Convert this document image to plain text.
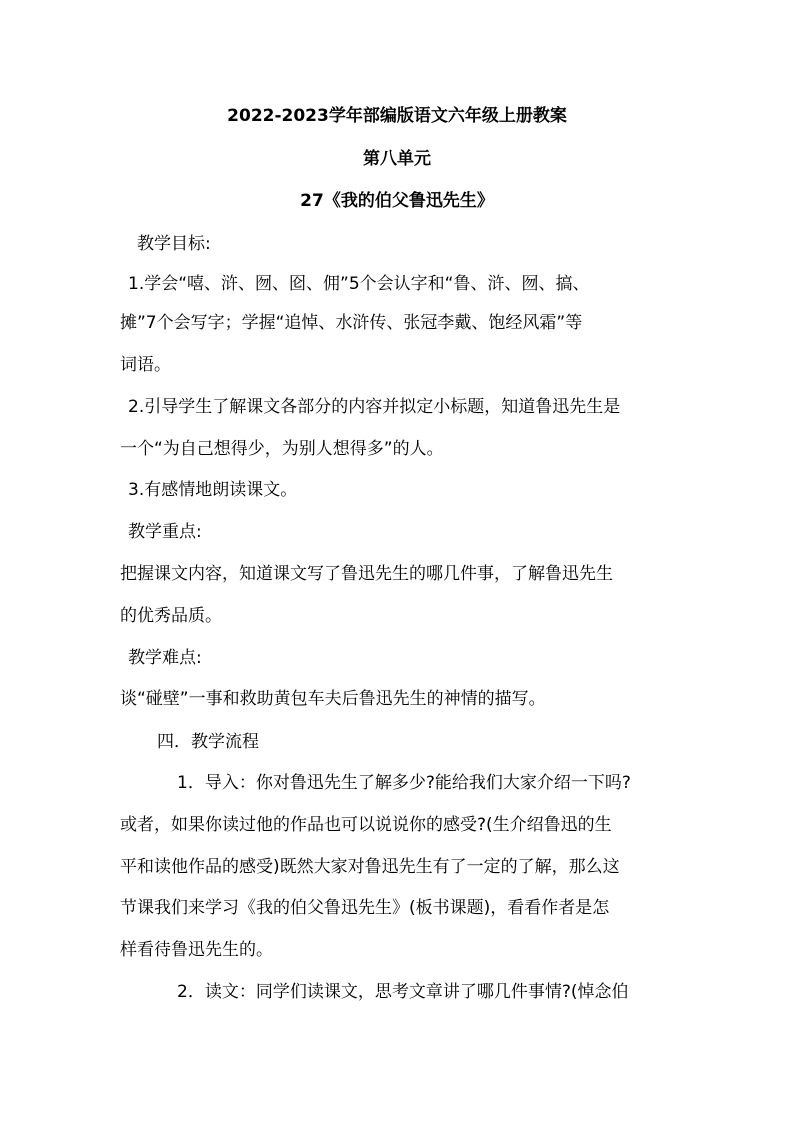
2022-2023学年部编版语文六年级上册教案
第八单元
27《我的伯父鲁迅先生》
教学目标:
1.学会“嘻、浒、囫、囵、佣”5个会认字和“鲁、浒、囫、搞、
摊”7个会写字；学握“追悼、水浒传、张冠李戴、饱经风霜”等
词语。
2.引导学生了解课文各部分的内容并拟定小标题，知道鲁迅先生是
一个“为自己想得少，为别人想得多”的人。
3.有感情地朗读课文。
教学重点:
把握课文内容，知道课文写了鲁迅先生的哪几件事，了解鲁迅先生
的优秀品质。
教学难点:
谈“碰壁”一事和救助黄包车夫后鲁迅先生的神情的描写。
四．教学流程
1．导入：你对鲁迅先生了解多少?能给我们大家介绍一下吗?
或者，如果你读过他的作品也可以说说你的感受?(生介绍鲁迅的生
平和读他作品的感受)既然大家对鲁迅先生有了一定的了解，那么这
节课我们来学习《我的伯父鲁迅先生》(板书课题)，看看作者是怎
样看待鲁迅先生的。
2．读文：同学们读课文，思考文章讲了哪几件事情?(悼念伯
